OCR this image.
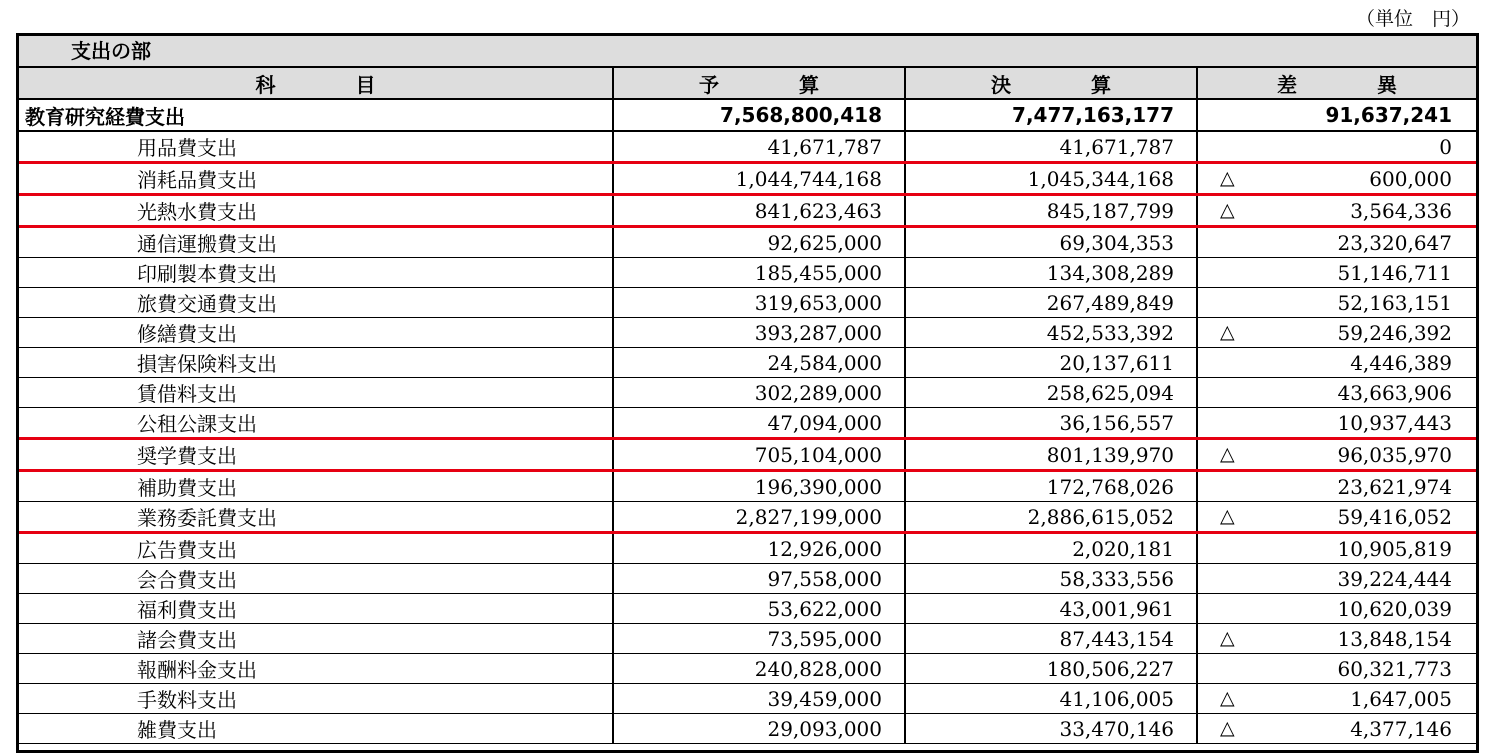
（単位　円）
支出の部
科　　　　目	予　　　　算	決　　　　算	差　　　　異
教育研究経費支出	7,568,800,418	7,477,163,177	91,637,241
用品費支出	41,671,787	41,671,787	0
消耗品費支出	1,044,744,168	1,045,344,168	△ 600,000
光熱水費支出	841,623,463	845,187,799	△ 3,564,336
通信運搬費支出	92,625,000	69,304,353	23,320,647
印刷製本費支出	185,455,000	134,308,289	51,146,711
旅費交通費支出	319,653,000	267,489,849	52,163,151
修繕費支出	393,287,000	452,533,392	△ 59,246,392
損害保険料支出	24,584,000	20,137,611	4,446,389
賃借料支出	302,289,000	258,625,094	43,663,906
公租公課支出	47,094,000	36,156,557	10,937,443
奨学費支出	705,104,000	801,139,970	△ 96,035,970
補助費支出	196,390,000	172,768,026	23,621,974
業務委託費支出	2,827,199,000	2,886,615,052	△ 59,416,052
広告費支出	12,926,000	2,020,181	10,905,819
会合費支出	97,558,000	58,333,556	39,224,444
福利費支出	53,622,000	43,001,961	10,620,039
諸会費支出	73,595,000	87,443,154	△ 13,848,154
報酬料金支出	240,828,000	180,506,227	60,321,773
手数料支出	39,459,000	41,106,005	△ 1,647,005
雑費支出	29,093,000	33,470,146	△ 4,377,146
